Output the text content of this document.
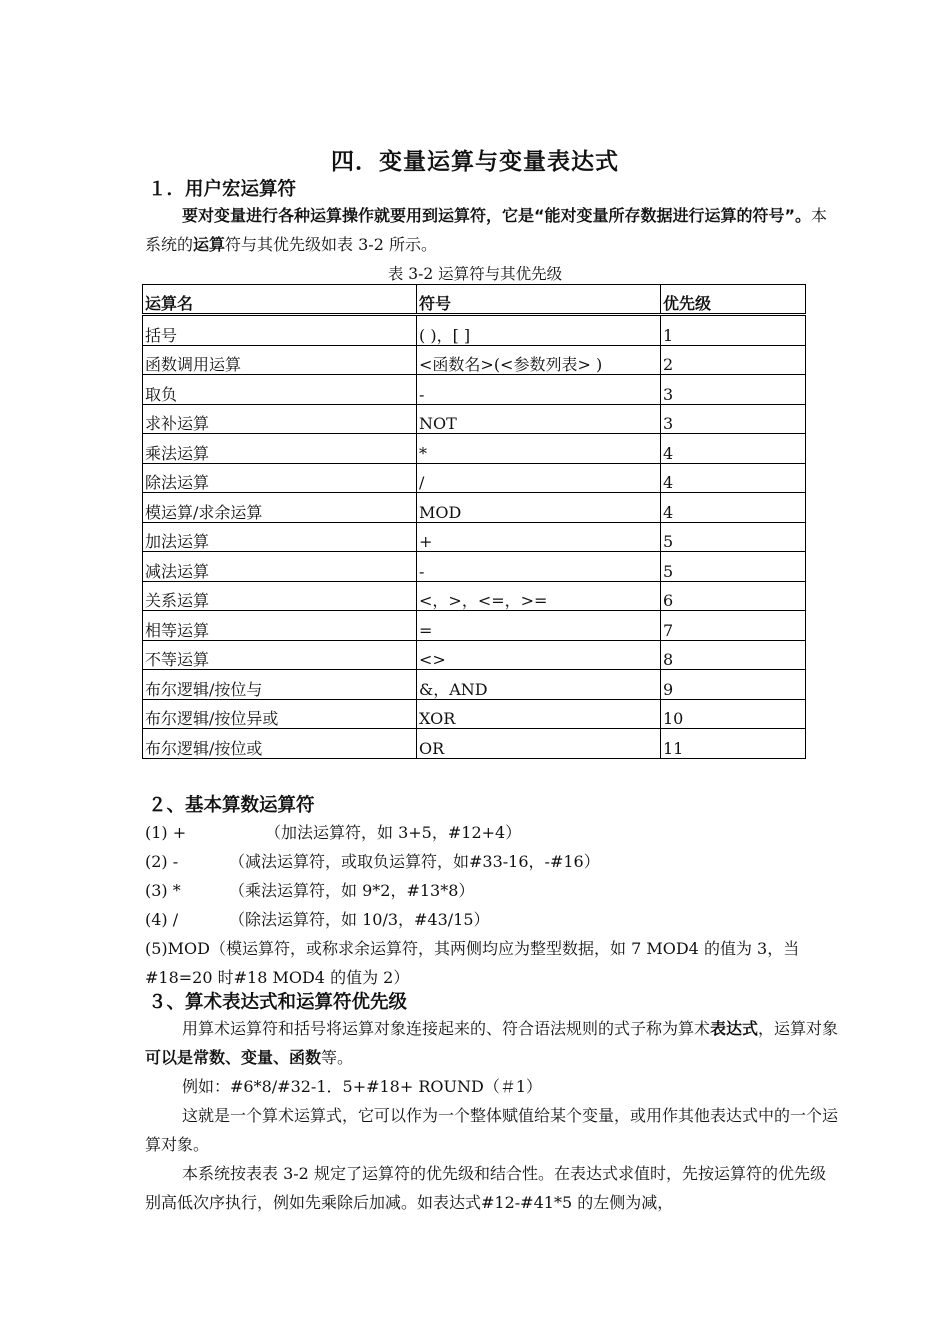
四．变量运算与变量表达式
１．用户宏运算符
要对变量进行各种运算操作就要用到运算符，它是“能对变量所存数据进行运算的符号”。本系统的运算符与其优先级如表 3-2 所示。
表 3-2 运算符与其优先级
运算名	符号	优先级
括号	( )，[ ]	1
函数调用运算	<函数名>(<参数列表> )	2
取负	-	3
求补运算	NOT	3
乘法运算	*	4
除法运算	/	4
模运算/求余运算	MOD	4
加法运算	+	5
减法运算	-	5
关系运算	<，>，<=，>=	6
相等运算	=	7
不等运算	<>	8
布尔逻辑/按位与	&，AND	9
布尔逻辑/按位异或	XOR	10
布尔逻辑/按位或	OR	11
２、基本算数运算符
(1) +	（加法运算符，如 3+5，#12+4）
(2) -	（减法运算符，或取负运算符，如#33-16，-#16）
(3) *	（乘法运算符，如 9*2，#13*8）
(4) /	（除法运算符，如 10/3，#43/15）
(5)MOD（模运算符，或称求余运算符，其两侧均应为整型数据，如 7 MOD4 的值为 3，当#18=20 时#18 MOD4 的值为 2）
３、算术表达式和运算符优先级
用算术运算符和括号将运算对象连接起来的、符合语法规则的式子称为算术表达式，运算对象可以是常数、变量、函数等。
例如：#6*8/#32-1．5+#18+ ROUND（＃1）
这就是一个算术运算式，它可以作为一个整体赋值给某个变量，或用作其他表达式中的一个运算对象。
本系统按表表 3-2 规定了运算符的优先级和结合性。在表达式求值时，先按运算符的优先级别高低次序执行，例如先乘除后加减。如表达式#12-#41*5 的左侧为减，
